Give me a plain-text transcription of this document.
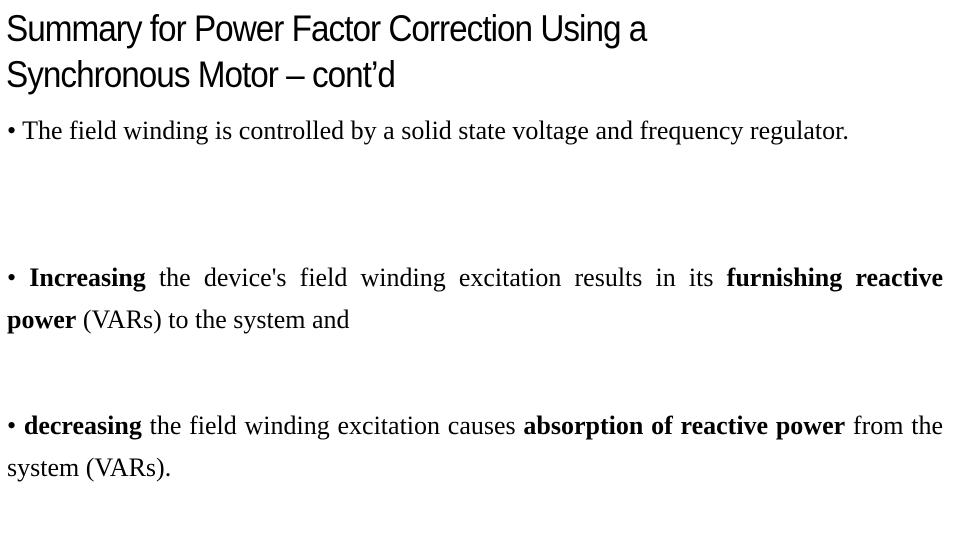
Summary for Power Factor Correction Using a
Synchronous Motor – cont’d

• The field winding is controlled by a solid state voltage and frequency regulator.

• Increasing the device's field winding excitation results in its furnishing reactive power (VARs) to the system and

• decreasing the field winding excitation causes absorption of reactive power from the system (VARs).
